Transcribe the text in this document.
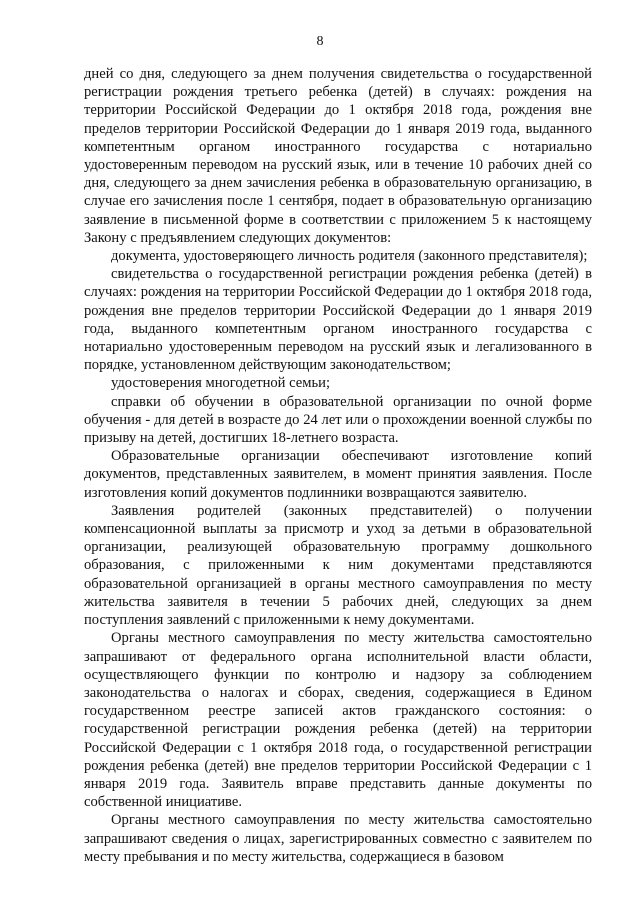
8

дней со дня, следующего за днем получения свидетельства о государственной регистрации рождения третьего ребенка (детей) в случаях: рождения на территории Российской Федерации до 1 октября 2018 года, рождения вне пределов территории Российской Федерации до 1 января 2019 года, выданного компетентным органом иностранного государства с нотариально удостоверенным переводом на русский язык, или в течение 10 рабочих дней со дня, следующего за днем зачисления ребенка в образовательную организацию, в случае его зачисления после 1 сентября, подает в образовательную организацию заявление в письменной форме в соответствии с приложением 5 к настоящему Закону с предъявлением следующих документов:

документа, удостоверяющего личность родителя (законного представителя);

свидетельства о государственной регистрации рождения ребенка (детей) в случаях: рождения на территории Российской Федерации до 1 октября 2018 года, рождения вне пределов территории Российской Федерации до 1 января 2019 года, выданного компетентным органом иностранного государства с нотариально удостоверенным переводом на русский язык и легализованного в порядке, установленном действующим законодательством;

удостоверения многодетной семьи;

справки об обучении в образовательной организации по очной форме обучения - для детей в возрасте до 24 лет или о прохождении военной службы по призыву на детей, достигших 18-летнего возраста.

Образовательные организации обеспечивают изготовление копий документов, представленных заявителем, в момент принятия заявления. После изготовления копий документов подлинники возвращаются заявителю.

Заявления родителей (законных представителей) о получении компенсационной выплаты за присмотр и уход за детьми в образовательной организации, реализующей образовательную программу дошкольного образования, с приложенными к ним документами представляются образовательной организацией в органы местного самоуправления по месту жительства заявителя в течении 5 рабочих дней, следующих за днем поступления заявлений с приложенными к нему документами.

Органы местного самоуправления по месту жительства самостоятельно запрашивают от федерального органа исполнительной власти области, осуществляющего функции по контролю и надзору за соблюдением законодательства о налогах и сборах, сведения, содержащиеся в Едином государственном реестре записей актов гражданского состояния: о государственной регистрации рождения ребенка (детей) на территории Российской Федерации с 1 октября 2018 года, о государственной регистрации рождения ребенка (детей) вне пределов территории Российской Федерации с 1 января 2019 года. Заявитель вправе представить данные документы по собственной инициативе.

Органы местного самоуправления по месту жительства самостоятельно запрашивают сведения о лицах, зарегистрированных совместно с заявителем по месту пребывания и по месту жительства, содержащиеся в базовом
